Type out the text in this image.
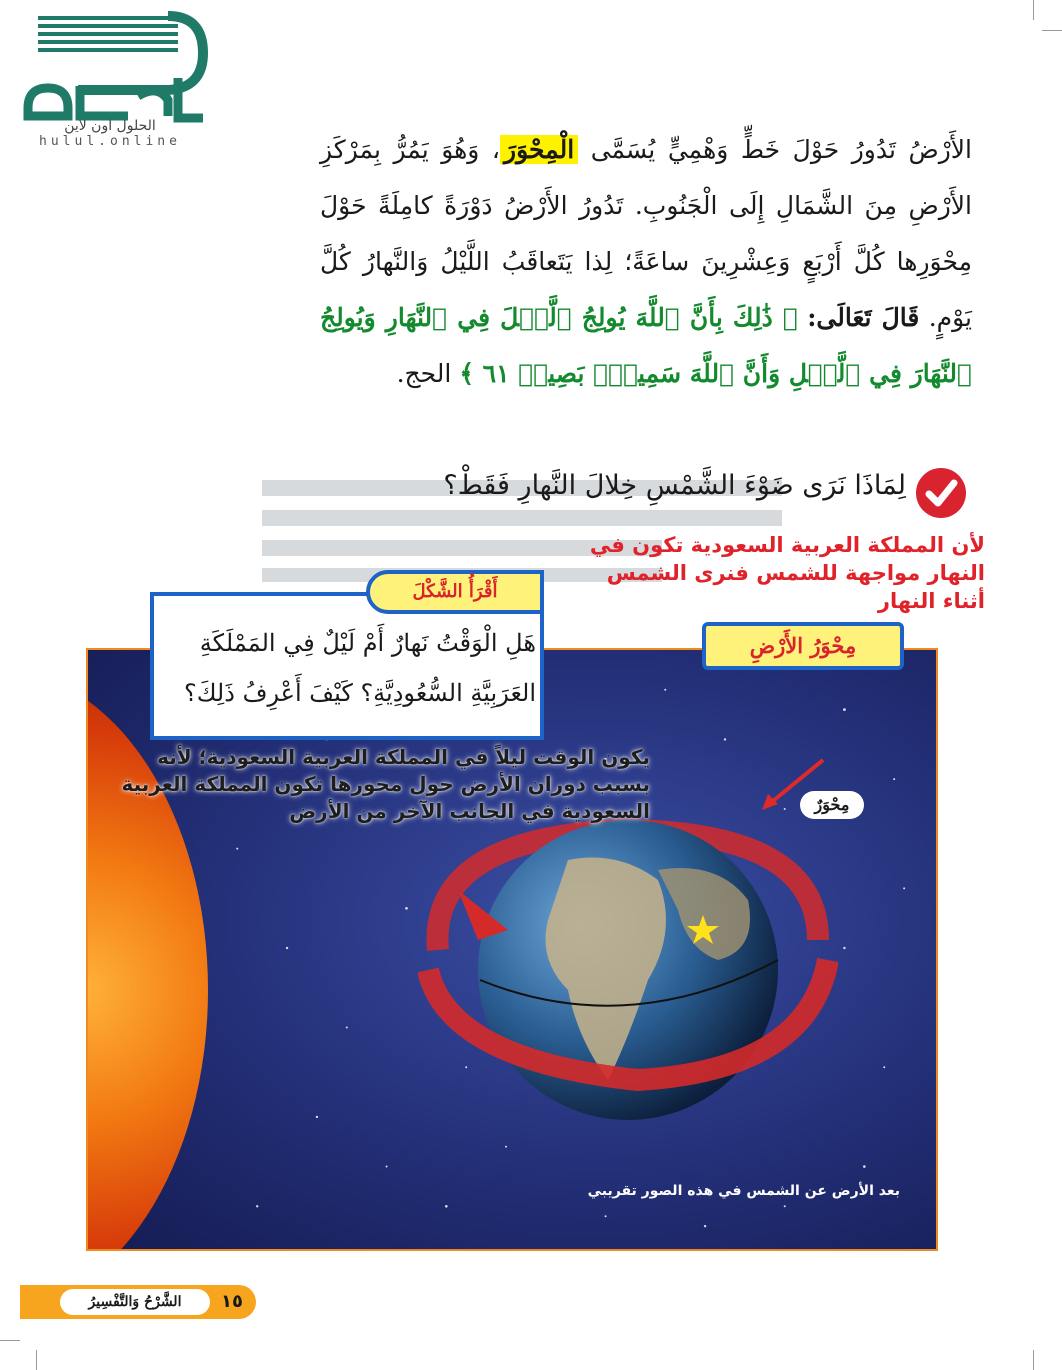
الحلول اون لاين
hulul.online	الأَرْضُ تَدُورُ حَوْلَ خَطٍّ وَهْمِيٍّ يُسَمَّى الْمِحْوَرَ، وَهُوَ يَمُرُّ بِمَرْكَزِ الأَرْضِ مِنَ الشَّمَالِ إِلَى الْجَنُوبِ. تَدُورُ الأَرْضُ دَوْرَةً كامِلَةً حَوْلَ مِحْوَرِها كُلَّ أَرْبَعٍ وَعِشْرِينَ ساعَةً؛ لِذا يَتَعاقَبُ اللَّيْلُ وَالنَّهارُ كُلَّ يَوْمٍ. قَالَ تَعَالَى: ﴿ ذَٰلِكَ بِأَنَّ ٱللَّهَ يُولِجُ ٱلَّيۡلَ فِي ٱلنَّهَارِ وَيُولِجُ ٱلنَّهَارَ فِي ٱلَّيۡلِ وَأَنَّ ٱللَّهَ سَمِيعُۢ بَصِيرٞ ٦١ ﴾ الحج.
لِمَاذَا نَرَى ضَوْءَ الشَّمْسِ خِلالَ النَّهارِ فَقَطْ؟
لأن المملكة العربية السعودية تكون في النهار مواجهة للشمس فنرى الشمس أثناء النهار
مِحْوَرُ الأَرْضِ
أَقْرَأُ الشَّكْلَ
هَلِ الْوَقْتُ نَهارٌ أَمْ لَيْلٌ فِي المَمْلَكَةِ العَرَبِيَّةِ السُّعُودِيَّةِ؟ كَيْفَ أَعْرِفُ ذَلِكَ؟
يكون الوقت ليلاً في المملكة العربية السعودية؛ لأنه بسبب دوران الأرض حول محورها تكون المملكة العربية السعودية في الجانب الآخر من الأرض	مِحْوَرٌ
بعد الأرض عن الشمس في هذه الصور تقريبي
الشَّرْحُ وَالتَّفْسِيرُ	١٥
